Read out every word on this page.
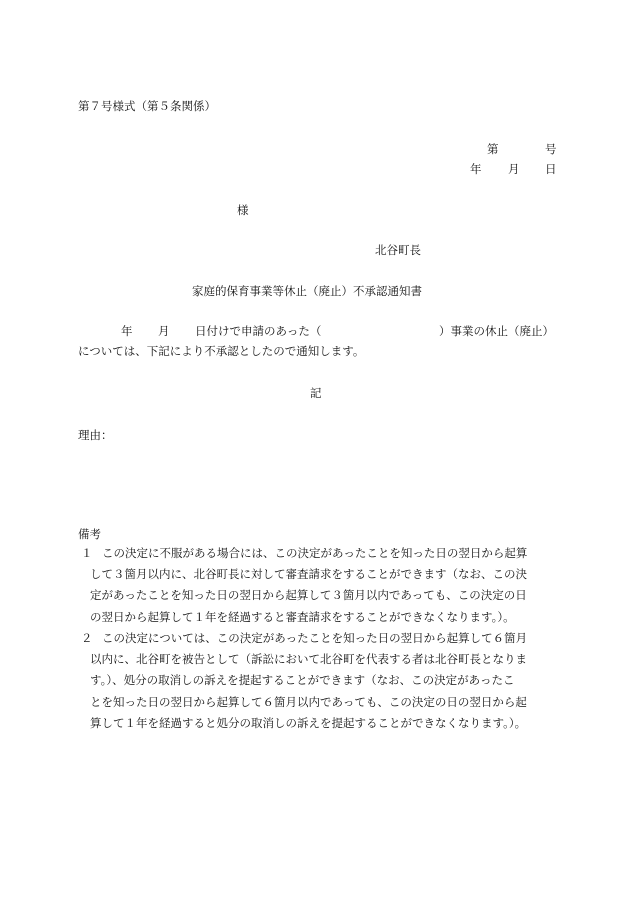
第７号様式（第５条関係）
第	号
年 月 日
様
北谷町長
家庭的保育事業等休止（廃止）不承認通知書
年 月 日付けで申請のあった（	）事業の休止（廃止）
については、下記により不承認としたので通知します。
記
理由：
備考
１ この決定に不服がある場合には、この決定があったことを知った日の翌日から起算
して３箇月以内に、北谷町長に対して審査請求をすることができます（なお、この決
定があったことを知った日の翌日から起算して３箇月以内であっても、この決定の日
の翌日から起算して１年を経過すると審査請求をすることができなくなります。）。
２ この決定については、この決定があったことを知った日の翌日から起算して６箇月
以内に、北谷町を被告として（訴訟において北谷町を代表する者は北谷町長となりま
す。）、処分の取消しの訴えを提起することができます（なお、この決定があったこ
とを知った日の翌日から起算して６箇月以内であっても、この決定の日の翌日から起
算して１年を経過すると処分の取消しの訴えを提起することができなくなります。）。
